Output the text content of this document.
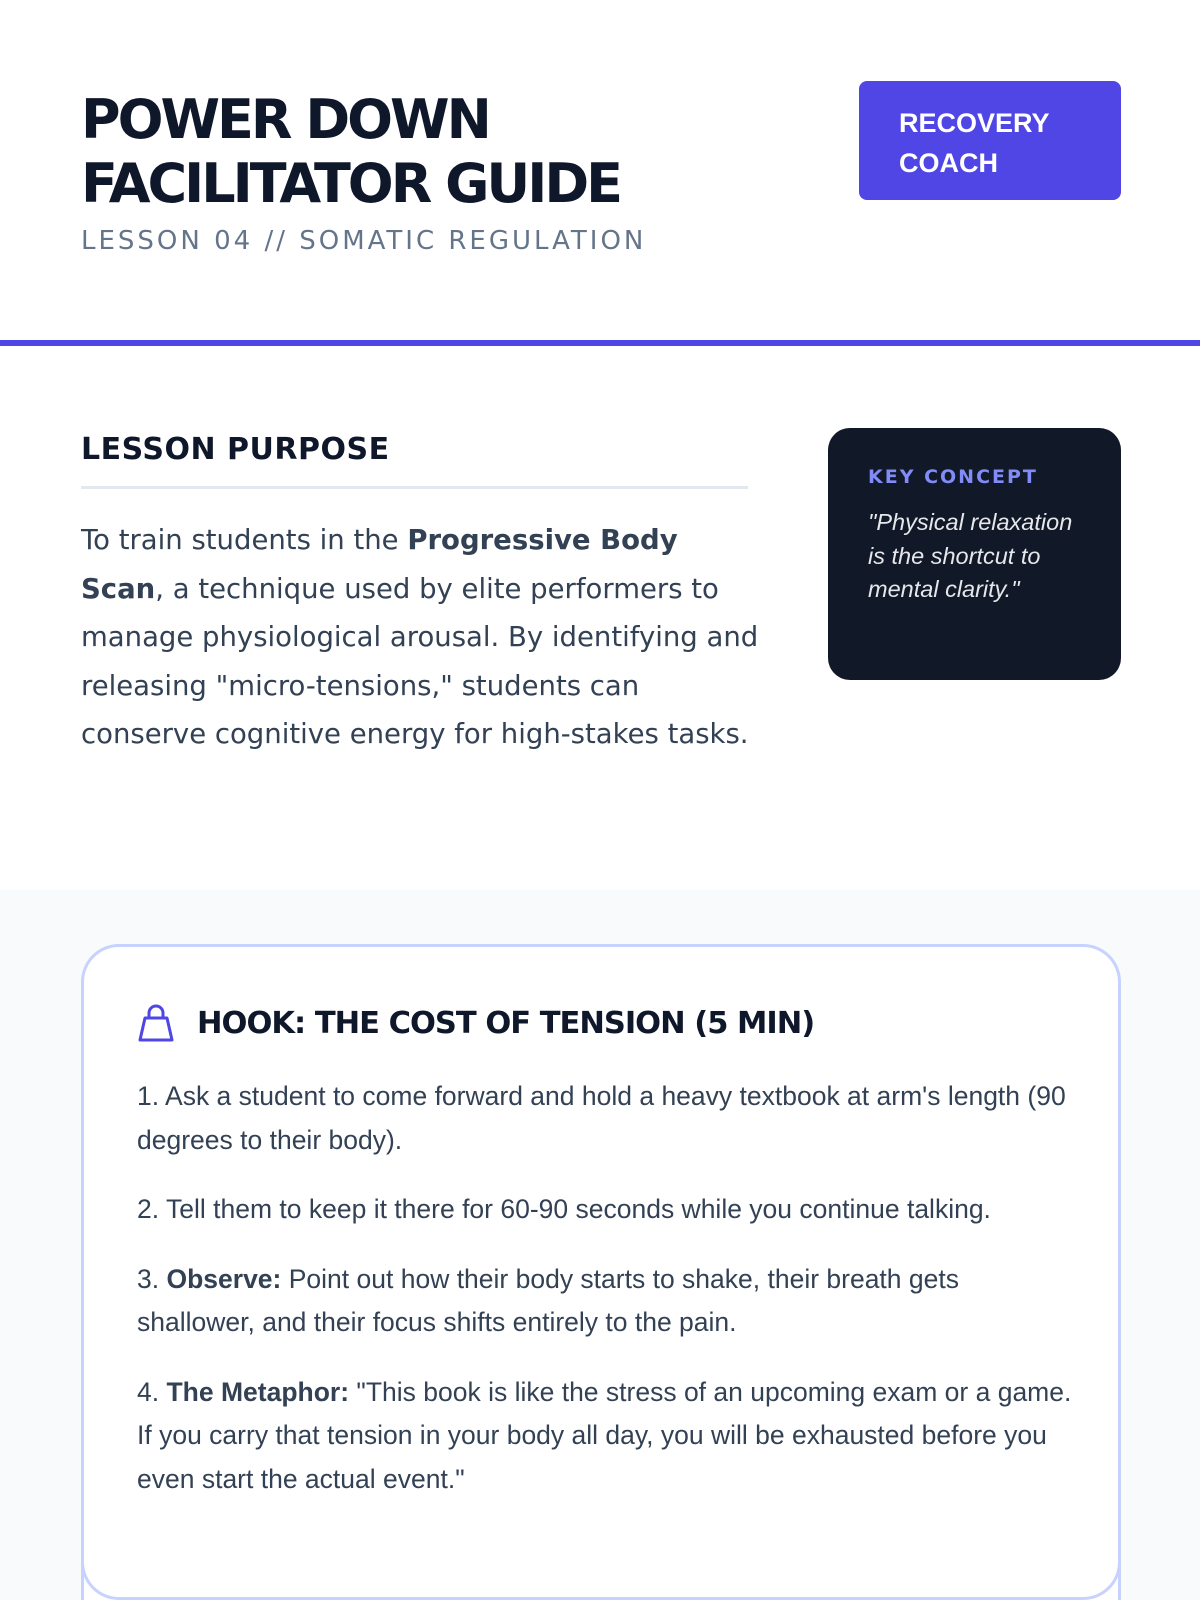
POWER DOWN
FACILITATOR GUIDE
LESSON 04 // SOMATIC REGULATION
RECOVERY
COACH
LESSON PURPOSE

To train students in the Progressive Body Scan, a technique used by elite performers to manage physiological arousal. By identifying and releasing "micro-tensions," students can conserve cognitive energy for high-stakes tasks.

KEY CONCEPT
"Physical relaxation is the shortcut to mental clarity."
HOOK: THE COST OF TENSION (5 MIN)

1. Ask a student to come forward and hold a heavy textbook at arm's length (90 degrees to their body).

2. Tell them to keep it there for 60-90 seconds while you continue talking.

3. Observe: Point out how their body starts to shake, their breath gets shallower, and their focus shifts entirely to the pain.

4. The Metaphor: "This book is like the stress of an upcoming exam or a game. If you carry that tension in your body all day, you will be exhausted before you even start the actual event."
